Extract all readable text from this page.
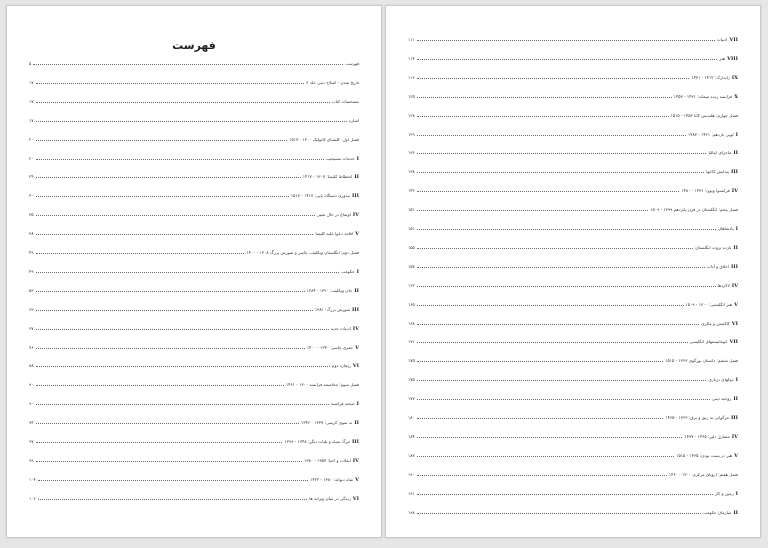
فهرست
۵	فهرست
۱۷	تاریخ تمدن - اصلاح دینی جلد ۶
۱۷	مشخصات کتاب
۱۷	اشاره
۲۰	فصل اول: کلیسای کاتولیک ۱۳۰۰ - ۱۵۱۷
۲۰	خدمات مسیحیت I
۲۴	انحطاط کلیسا: ۱۳۰۷ - ۱۴۱۷ II
۳۰	بیدوری دستگاه پاپی: ۱۴۱۷ - ۱۵۱۷ III
۳۵	اوضاع در حال تغییر IV
۳۸	اقامه دعوا علیه کلیسا V
۴۹	فصل دوم: انگلستان ویکلیف، چاسر و شورش بزرگ ۱۳۰۸ - ۱۴۰۰
۴۹	حکومت I
۵۳	جان ویکلیف: ۱۳۲۰ - ۱۳۸۴ II
۶۳	شورش بزرگ: ۱۳۸۱ III
۶۷	ادبیات جدید IV
۷۶	جفری چاسر: ۱۳۴۰ - ۱۴۰۰ V
۸۸	ریچارد دوم VI
۹۰	فصل سوم: مخاصمه فرانسه ۱۳۰۰ - ۱۴۶۱
۹۰	صحنه فرانسه I
۹۴	به سوی کرسی: ۱۳۳۷ - ۱۳۴۶ II
۹۷	مرگ سیاه و بلیات دیگر: ۱۳۴۸ - ۱۳۹۹ III
۹۹	انقلاب و احیا: ۱۳۵۷ - ۱۳۸۰ IV
۱۰۴	شاه دیوانه: ۱۳۸۰ - ۱۴۲۲ V
۱۰۶	زندگی در میان ویرانه ها VI
۱۱۱	ادبیات VII
۱۱۴	هنر VIII
۱۱۶	ژاندارک: ۱۴۱۲ - ۱۴۳۱ IX
۱۲۵	فرانسه زنده میماند: ۱۴۳۱ - ۱۴۵۳ X
۱۲۸	فصل چهارم: هلندیس کاتا ۱۴۵۳ - ۱۵۱۵
۱۲۹	لویی یازدهم: ۱۴۶۱ - ۱۴۸۳ I
۱۳۶	ماجرای ایتالیا II
۱۳۸	پیدایش کاخها III
۱۴۲	فرانسوا ویون: ۱۴۳۱ - ۱۴۸۰ IV
۱۵۱	فصل پنجم: انگلستان در قرن پانزدهم ۱۳۹۹ - ۱۵۰۹
۱۵۱	پادشاهان I
۱۵۵	بازده ثروت انگلستان II
۱۵۷	اخلاق و آداب III
۱۶۲	لالاردها IV
۱۶۵	هنر انگلیسی: ۱۳۰۰ - ۱۵۰۹ V
۱۶۸	کاکستن و مالری VI
۱۷۱	انومانیستهای انگلیسی VII
۱۷۵	فصل ششم: داستان بورگوی ۱۳۶۳ - ۱۵۱۵
۱۷۵	دوکهای درباری I
۱۷۷	روحیه دینی II
۱۸۰	مرگوانی به زیق و برق: ۱۳۶۳ - ۱۴۶۵ III
۱۸۴	مشارل دلیر: ۱۴۶۵ - ۱۴۷۷ IV
۱۸۷	هنر در پست بودن: ۱۴۶۵ - ۱۵۱۵ V
۱۹۰	فصل هفتم: اروپای مرکزی ۱۳۰۰ - ۱۴۶۰
۱۹۱	زمین و کار I
۱۹۸	سازمان حکومت II
